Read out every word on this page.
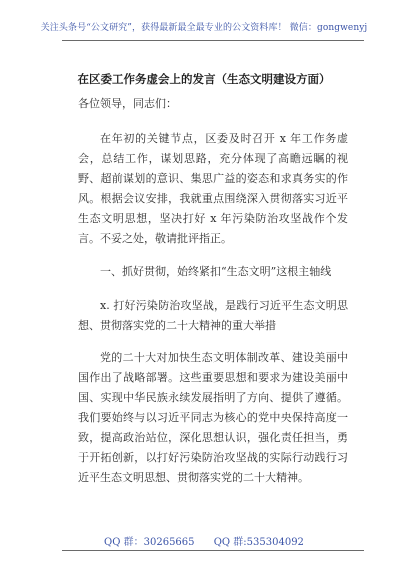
关注头条号“公文研究”，获得最新最全最专业的公文资料库！ 微信：gongwenyj
在区委工作务虚会上的发言（生态文明建设方面）

各位领导，同志们：

在年初的关键节点，区委及时召开 x 年工作务虚会，总结工作，谋划思路，充分体现了高瞻远瞩的视野、超前谋划的意识、集思广益的姿态和求真务实的作风。根据会议安排，我就重点围绕深入贯彻落实习近平生态文明思想，坚决打好 x 年污染防治攻坚战作个发言。不妥之处，敬请批评指正。

一、抓好贯彻，始终紧扣“生态文明”这根主轴线

x. 打好污染防治攻坚战，是践行习近平生态文明思想、贯彻落实党的二十大精神的重大举措

党的二十大对加快生态文明体制改革、建设美丽中国作出了战略部署。这些重要思想和要求为建设美丽中国、实现中华民族永续发展指明了方向、提供了遵循。我们要始终与以习近平同志为核心的党中央保持高度一致，提高政治站位，深化思想认识，强化责任担当，勇于开拓创新，以打好污染防治攻坚战的实际行动践行习近平生态文明思想、贯彻落实党的二十大精神。

QQ 群：30265665 QQ 群:535304092
